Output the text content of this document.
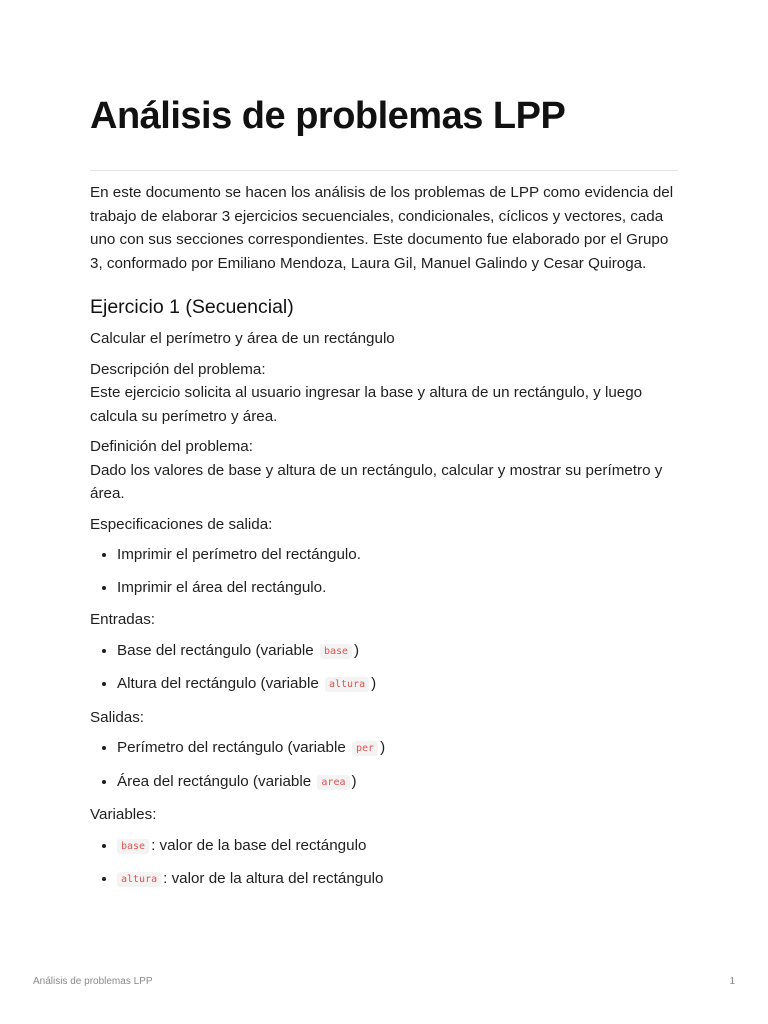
Análisis de problemas LPP

En este documento se hacen los análisis de los problemas de LPP como evidencia del trabajo de elaborar 3 ejercicios secuenciales, condicionales, cíclicos y vectores, cada uno con sus secciones correspondientes. Este documento fue elaborado por el Grupo 3, conformado por Emiliano Mendoza, Laura Gil, Manuel Galindo y Cesar Quiroga.

Ejercicio 1 (Secuencial)

Calcular el perímetro y área de un rectángulo

Descripción del problema:
Este ejercicio solicita al usuario ingresar la base y altura de un rectángulo, y luego calcula su perímetro y área.

Definición del problema:
Dado los valores de base y altura de un rectángulo, calcular y mostrar su perímetro y área.

Especificaciones de salida:

• Imprimir el perímetro del rectángulo.
• Imprimir el área del rectángulo.

Entradas:

• Base del rectángulo (variable base )
• Altura del rectángulo (variable altura )

Salidas:

• Perímetro del rectángulo (variable per )
• Área del rectángulo (variable area )

Variables:

• base : valor de la base del rectángulo
• altura : valor de la altura del rectángulo
Análisis de problemas LPP	1
